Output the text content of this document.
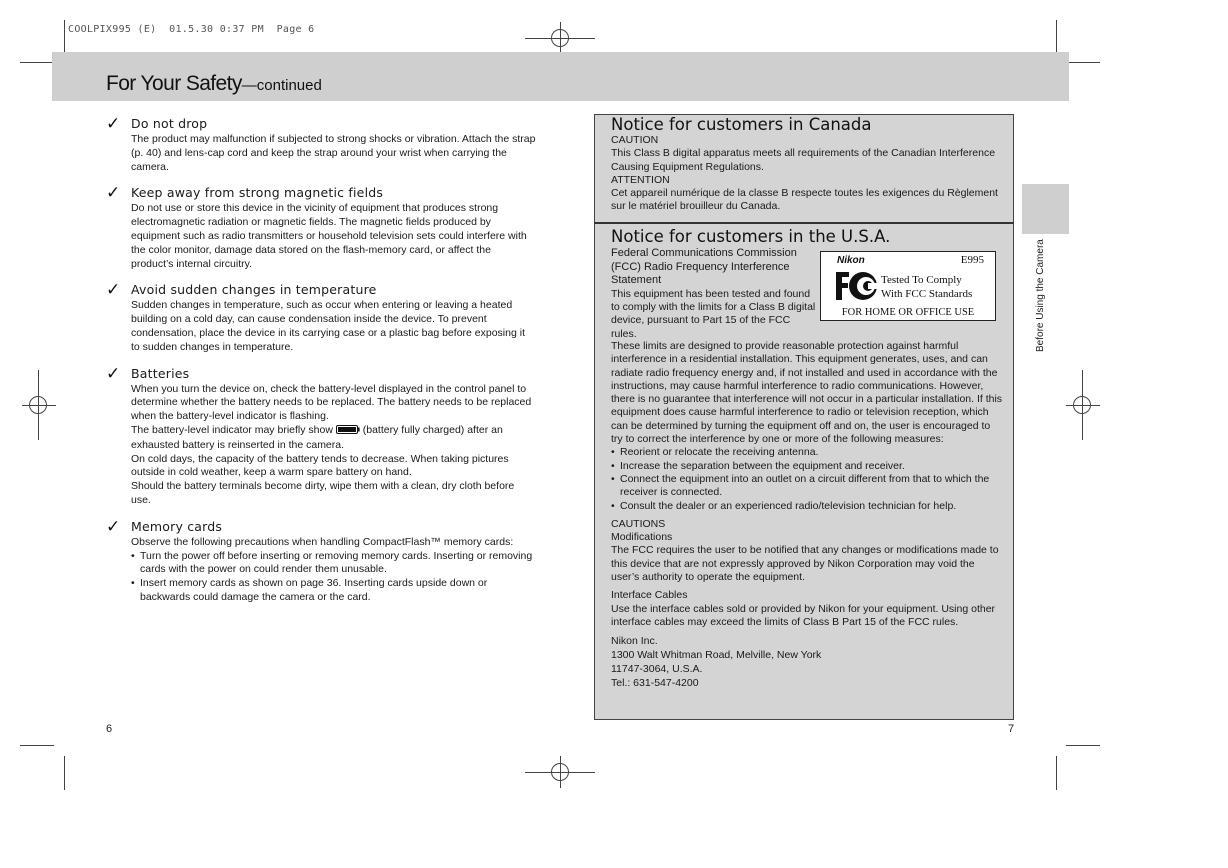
COOLPIX995 (E)  01.5.30 0:37 PM  Page 6
For Your Safety—continued
✓ Do not drop

The product may malfunction if subjected to strong shocks or vibration. Attach the strap (p. 40) and lens-cap cord and keep the strap around your wrist when carrying the camera.

✓ Keep away from strong magnetic fields

Do not use or store this device in the vicinity of equipment that produces strong electromagnetic radiation or magnetic fields. The magnetic fields produced by equipment such as radio transmitters or household television sets could interfere with the color monitor, damage data stored on the flash-memory card, or affect the product’s internal circuitry.

✓ Avoid sudden changes in temperature

Sudden changes in temperature, such as occur when entering or leaving a heated building on a cold day, can cause condensation inside the device. To prevent condensation, place the device in its carrying case or a plastic bag before exposing it to sudden changes in temperature.

✓ Batteries

When you turn the device on, check the battery-level displayed in the control panel to determine whether the battery needs to be replaced. The battery needs to be replaced when the battery-level indicator is flashing.

The battery-level indicator may briefly show  (battery fully charged) after an exhausted battery is reinserted in the camera.

On cold days, the capacity of the battery tends to decrease. When taking pictures outside in cold weather, keep a warm spare battery on hand.

Should the battery terminals become dirty, wipe them with a clean, dry cloth before use.

✓ Memory cards

Observe the following precautions when handling CompactFlash™ memory cards:

• Turn the power off before inserting or removing memory cards. Inserting or removing cards with the power on could render them unusable.

• Insert memory cards as shown on page 36. Inserting cards upside down or backwards could damage the camera or the card.

Notice for customers in Canada

CAUTION

This Class B digital apparatus meets all requirements of the Canadian Interference Causing Equipment Regulations.

ATTENTION

Cet appareil numérique de la classe B respecte toutes les exigences du Règlement sur le matériel brouilleur du Canada.

Notice for customers in the U.S.A.

Federal Communications Commission (FCC) Radio Frequency Interference Statement

This equipment has been tested and found to comply with the limits for a Class B digital device, pursuant to Part 15 of the FCC rules.

Nikon	E995
Tested To Comply
With FCC Standards
FOR HOME OR OFFICE USE

These limits are designed to provide reasonable protection against harmful interference in a residential installation. This equipment generates, uses, and can radiate radio frequency energy and, if not installed and used in accordance with the instructions, may cause harmful interference to radio communications. However, there is no guarantee that interference will not occur in a particular installation. If this equipment does cause harmful interference to radio or television reception, which can be determined by turning the equipment off and on, the user is encouraged to try to correct the interference by one or more of the following measures:

• Reorient or relocate the receiving antenna.

• Increase the separation between the equipment and receiver.

• Connect the equipment into an outlet on a circuit different from that to which the receiver is connected.

• Consult the dealer or an experienced radio/television technician for help.

CAUTIONS

Modifications

The FCC requires the user to be notified that any changes or modifications made to this device that are not expressly approved by Nikon Corporation may void the user’s authority to operate the equipment.

Interface Cables

Use the interface cables sold or provided by Nikon for your equipment. Using other interface cables may exceed the limits of Class B Part 15 of the FCC rules.

Nikon Inc.

1300 Walt Whitman Road, Melville, New York

11747-3064, U.S.A.

Tel.: 631-547-4200

Before Using the Camera
6	7
